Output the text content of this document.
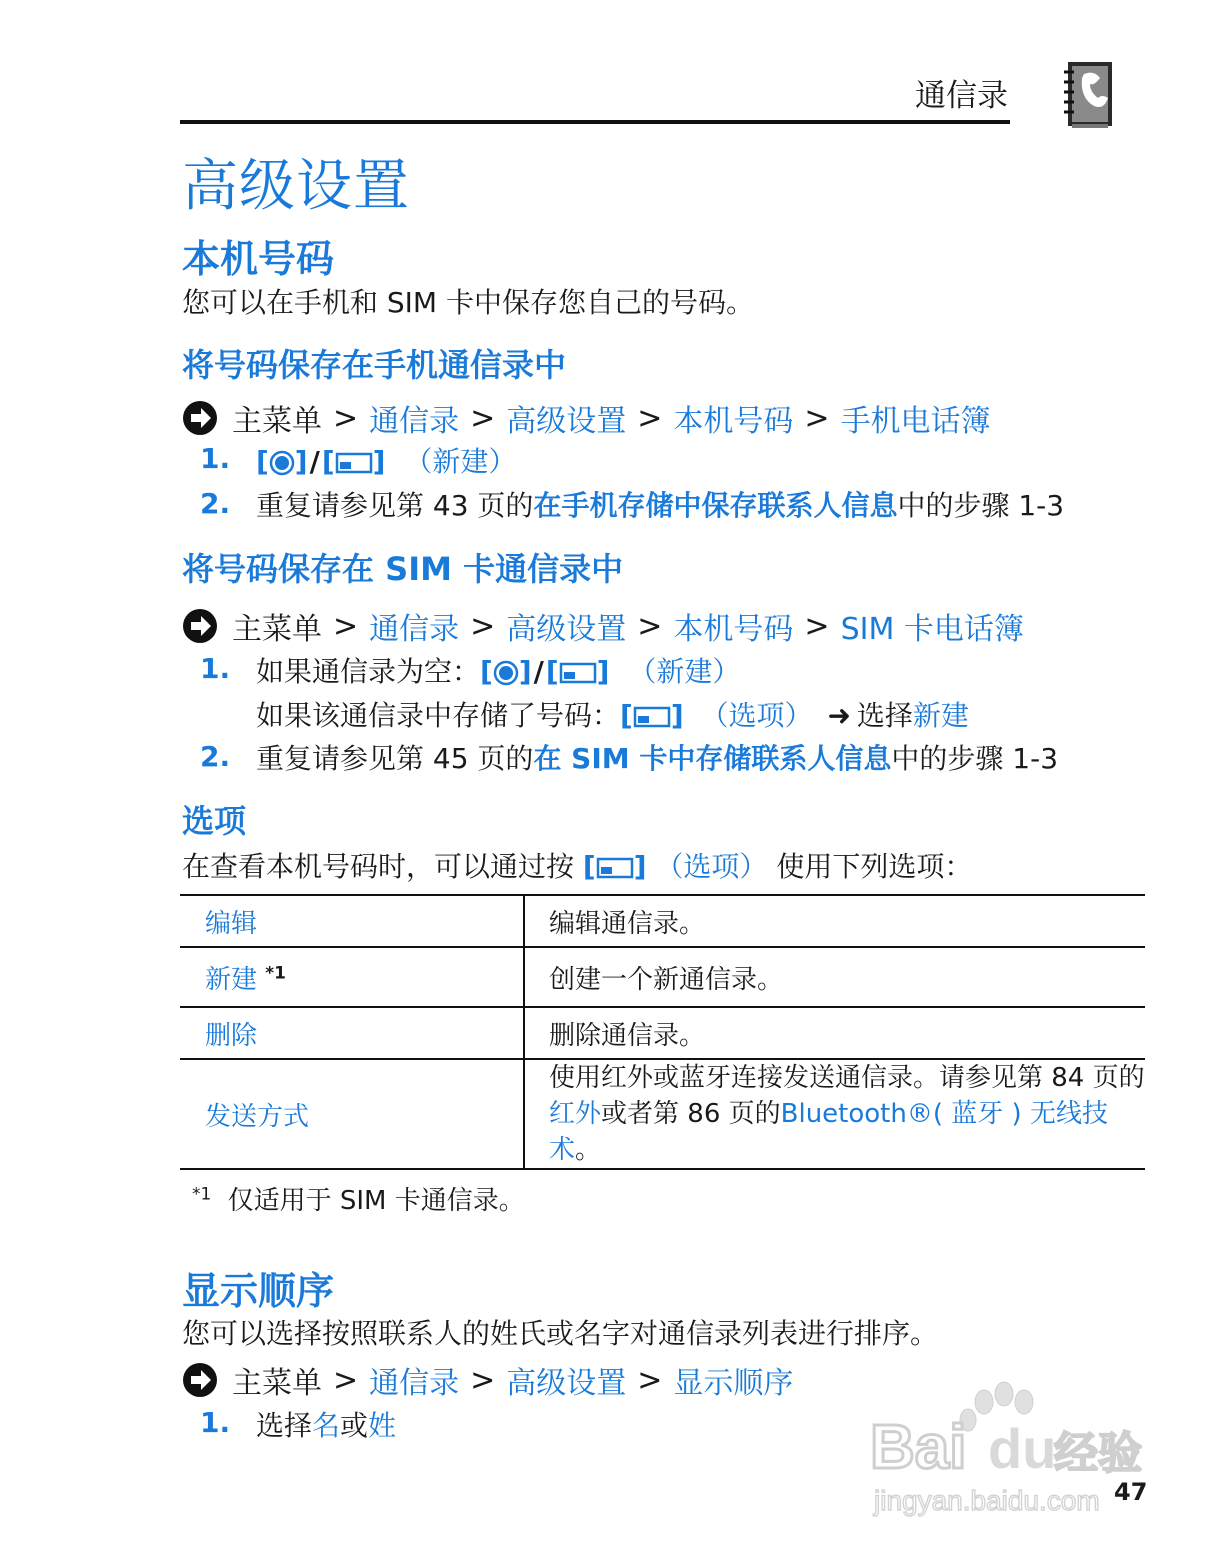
通信录
高级设置
本机号码
您可以在手机和 SIM 卡中保存您自己的号码。
将号码保存在手机通信录中
主菜单 > 通信录 > 高级设置 > 本机号码 > 手机电话簿
1. [ ]/[ ] （新建）
2. 重复请参见第 43 页的在手机存储中保存联系人信息中的步骤 1-3
将号码保存在 SIM 卡通信录中
主菜单 > 通信录 > 高级设置 > 本机号码 > SIM 卡电话簿
1. 如果通信录为空：[ ]/[ ] （新建）
如果该通信录中存储了号码：[ ] （选项） ➜ 选择新建
2. 重复请参见第 45 页的在 SIM 卡中存储联系人信息中的步骤 1-3
选项
在查看本机号码时，可以通过按 [ ] （选项） 使用下列选项：
编辑	编辑通信录。
新建 $^{*1}$	创建一个新通信录。
删除	删除通信录。
发送方式	使用红外或蓝牙连接发送通信录。请参见第 84 页的
红外或者第 86 页的Bluetooth®( 蓝牙 ) 无线技术。
$^{*1}$ 仅适用于 SIM 卡通信录。
显示顺序
您可以选择按照联系人的姓氏或名字对通信录列表进行排序。
主菜单 > 通信录 > 高级设置 > 显示顺序
1. 选择名或姓	Bai du
经验
jingyan.baidu.com 47
